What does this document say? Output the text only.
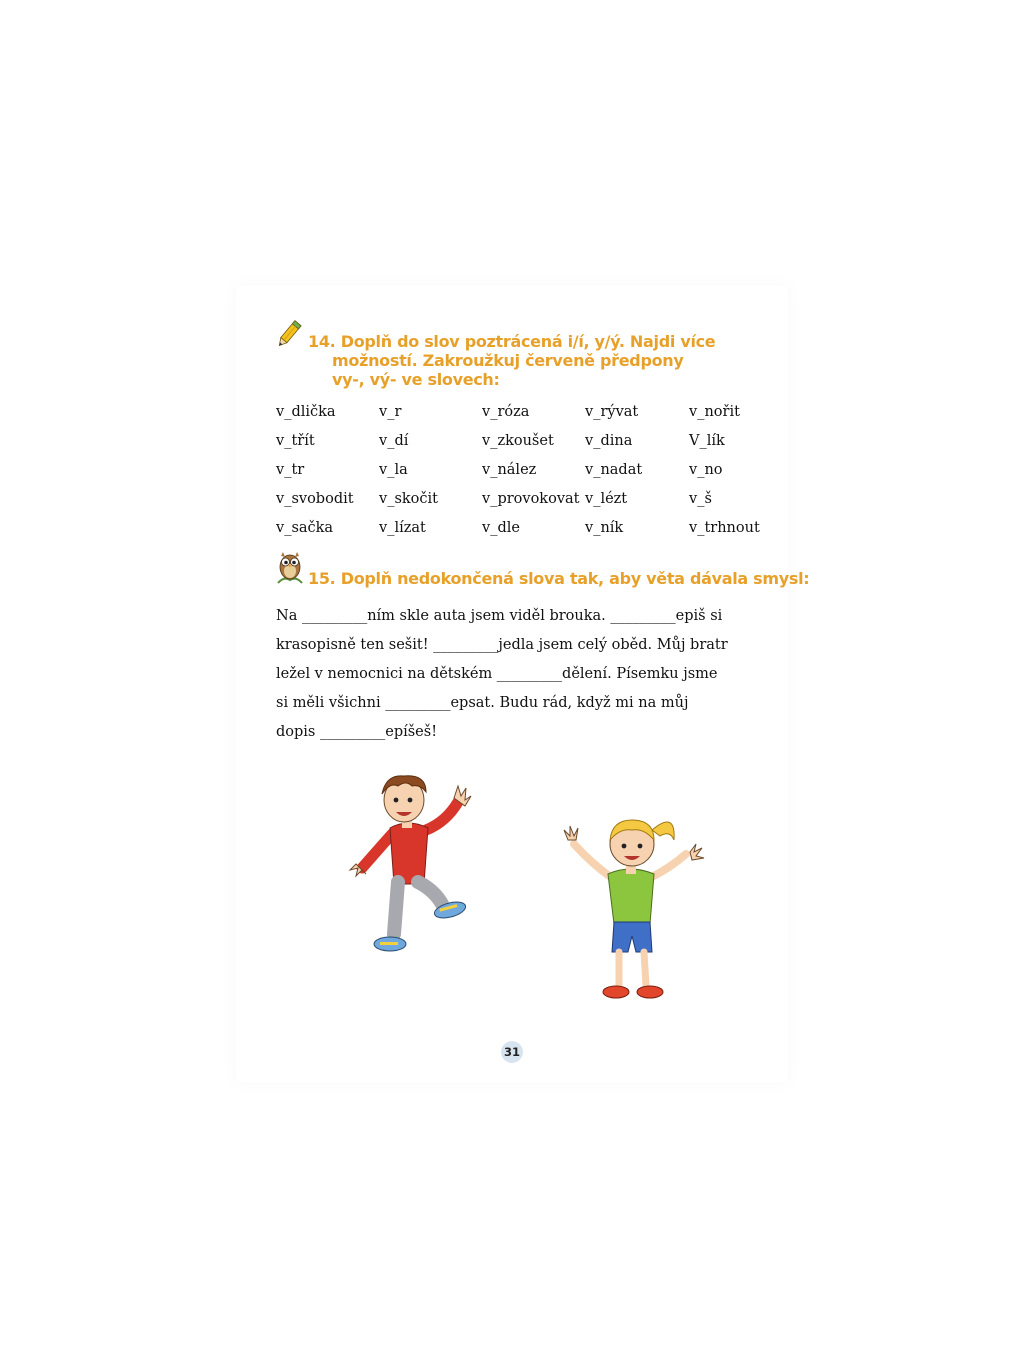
14. Doplň do slov poztrácená i/í, y/ý. Najdi více
možností. Zakroužkuj červeně předpony
vy-, vý- ve slovech:
v_dlička	v_r	v_róza	v_rývat	v_nořit
v_třít	v_dí	v_zkoušet v_dina	V_lík
v_tr	v_la	v_nález	v_nadat	v_no
v_svobodit v_skočit	v_provokovat v_lézt	v_š
v_sačka	v_lízat	v_dle	v_ník	v_trhnout
15. Doplň nedokončená slova tak, aby věta dávala smysl:
Na _________ním skle auta jsem viděl brouka. _________epiš si
krasopisně ten sešit! _________jedla jsem celý oběd. Můj bratr
ležel v nemocnici na dětském _________dělení. Písemku jsme
si měli všichni _________epsat. Budu rád, když mi na můj
dopis _________epíšeš!
31
